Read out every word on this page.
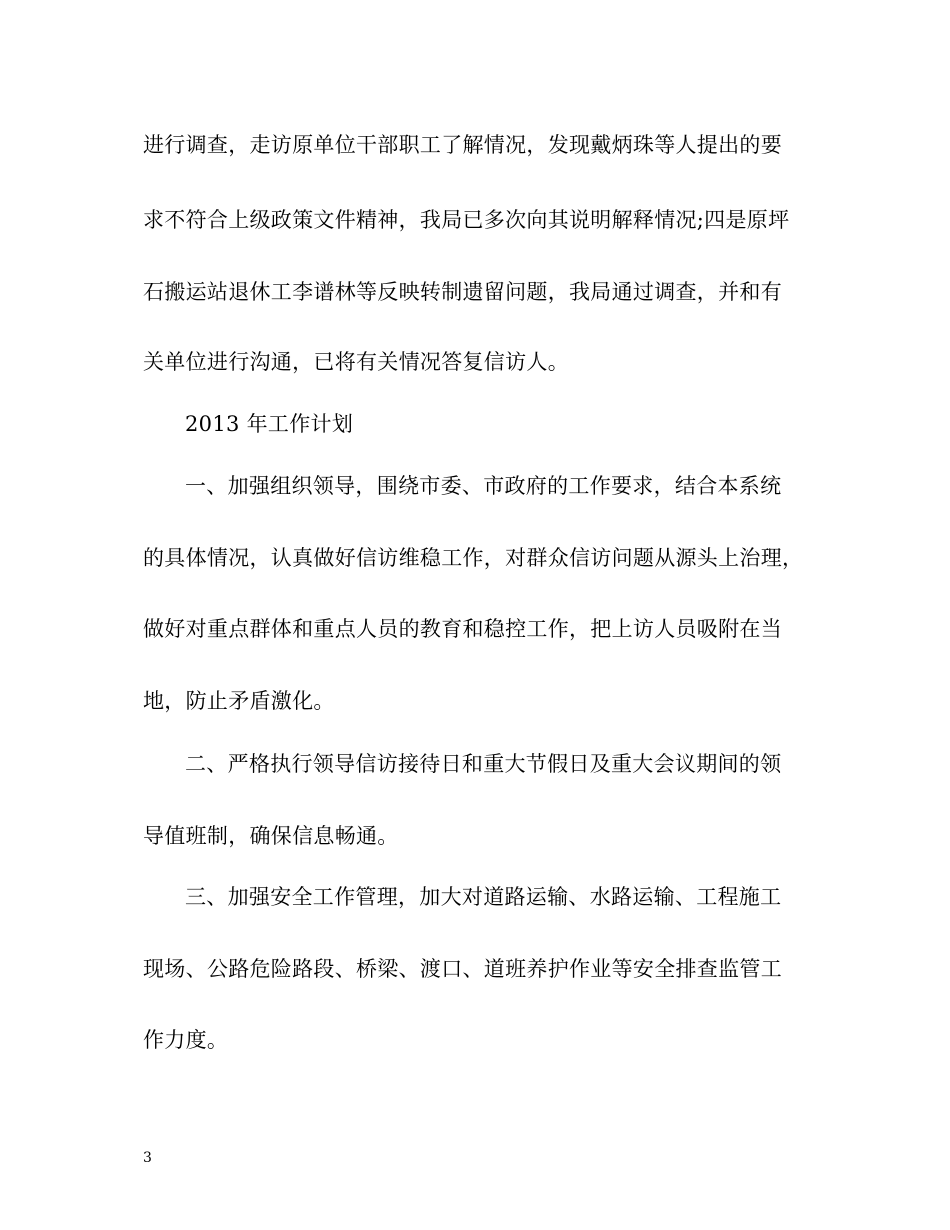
进行调查，走访原单位干部职工了解情况，发现戴炳珠等人提出的要
求不符合上级政策文件精神，我局已多次向其说明解释情况;四是原坪
石搬运站退休工李谱林等反映转制遗留问题，我局通过调查，并和有
关单位进行沟通，已将有关情况答复信访人。
2013 年工作计划
一、加强组织领导，围绕市委、市政府的工作要求，结合本系统
的具体情况，认真做好信访维稳工作，对群众信访问题从源头上治理，
做好对重点群体和重点人员的教育和稳控工作，把上访人员吸附在当
地，防止矛盾激化。
二、严格执行领导信访接待日和重大节假日及重大会议期间的领
导值班制，确保信息畅通。
三、加强安全工作管理，加大对道路运输、水路运输、工程施工
现场、公路危险路段、桥梁、渡口、道班养护作业等安全排查监管工
作力度。
3
